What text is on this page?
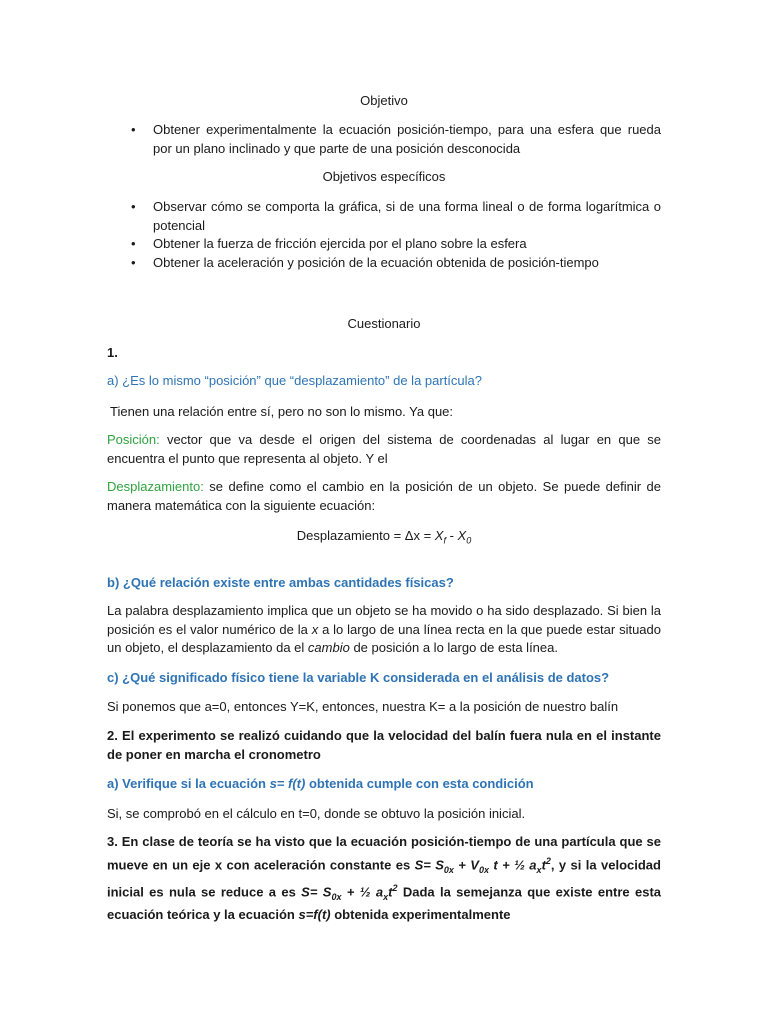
Objetivo
• Obtener experimentalmente la ecuación posición-tiempo, para una esfera que rueda por un plano inclinado y que parte de una posición desconocida
Objetivos específicos
• Observar cómo se comporta la gráfica, si de una forma lineal o de forma logarítmica o potencial
• Obtener la fuerza de fricción ejercida por el plano sobre la esfera
• Obtener la aceleración y posición de la ecuación obtenida de posición-tiempo
Cuestionario
1.
a) ¿Es lo mismo “posición” que “desplazamiento” de la partícula?
Tienen una relación entre sí, pero no son lo mismo. Ya que:
Posición: vector que va desde el origen del sistema de coordenadas al lugar en que se encuentra el punto que representa al objeto. Y el
Desplazamiento: se define como el cambio en la posición de un objeto. Se puede definir de manera matemática con la siguiente ecuación:
Desplazamiento = $\Delta x = X_f - X_0$
b) ¿Qué relación existe entre ambas cantidades físicas?
La palabra desplazamiento implica que un objeto se ha movido o ha sido desplazado. Si bien la posición es el valor numérico de la x a lo largo de una línea recta en la que puede estar situado un objeto, el desplazamiento da el cambio de posición a lo largo de esta línea.
c) ¿Qué significado físico tiene la variable K considerada en el análisis de datos?
Si ponemos que a=0, entonces Y=K, entonces, nuestra K= a la posición de nuestro balín
2. El experimento se realizó cuidando que la velocidad del balín fuera nula en el instante de poner en marcha el cronometro
a) Verifique si la ecuación s= f(t) obtenida cumple con esta condición
Si, se comprobó en el cálculo en t=0, donde se obtuvo la posición inicial.
3. En clase de teoría se ha visto que la ecuación posición-tiempo de una partícula que se mueve en un eje x con aceleración constante es $S= S_{0x} + V_{0x}$ t + ½ $a_xt^2$, y si la velocidad inicial es nula se reduce a es $S= S_{0x}$ + ½ $a_xt^2$ Dada la semejanza que existe entre esta ecuación teórica y la ecuación s=f(t) obtenida experimentalmente
